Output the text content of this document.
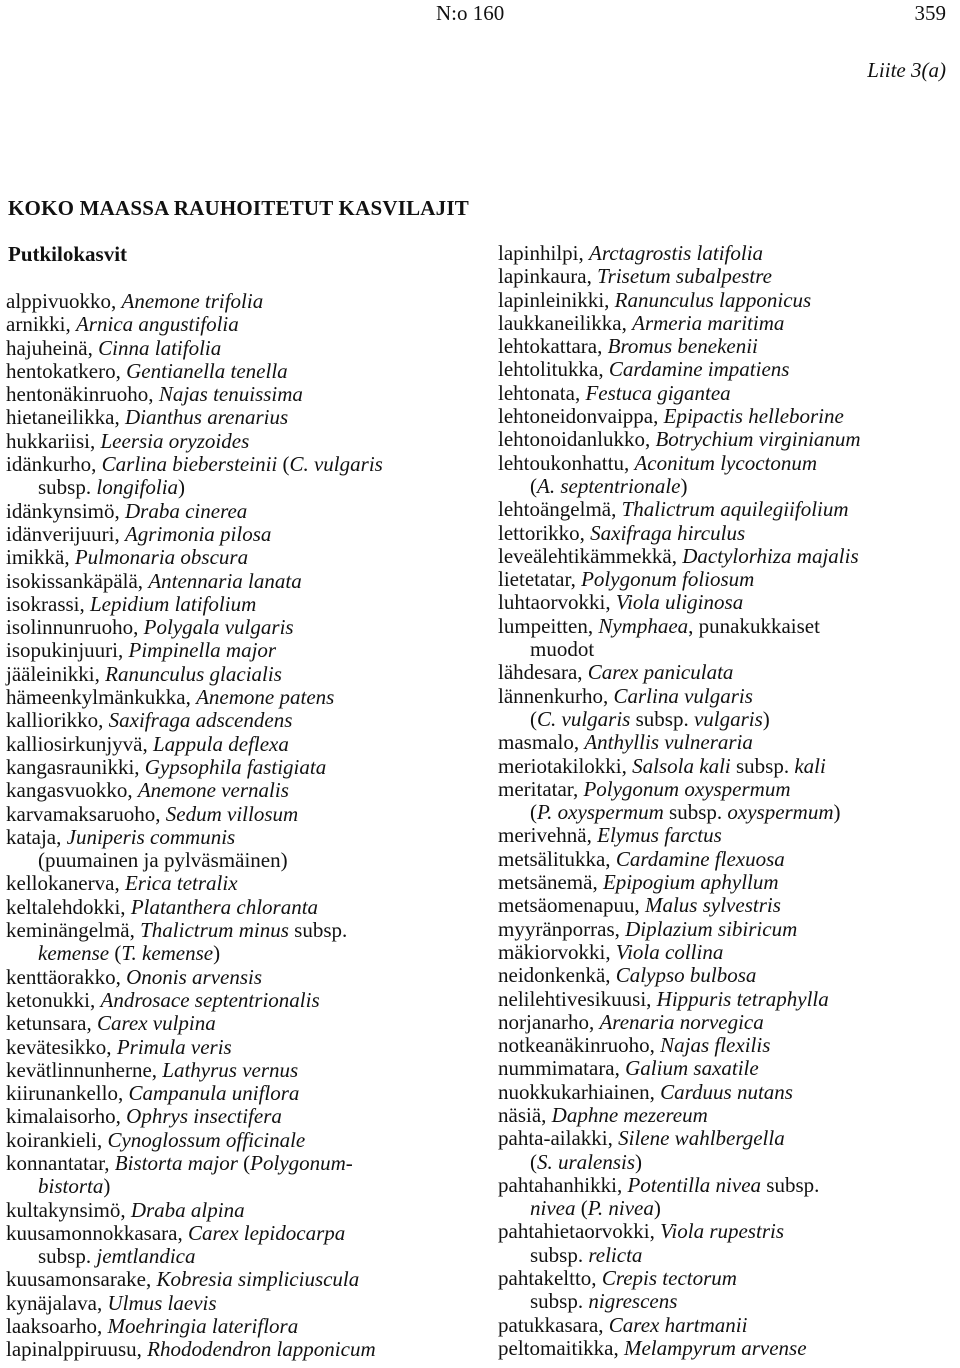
N:o 160	359
Liite 3(a)
KOKO MAASSA RAUHOITETUT KASVILAJIT
Putkilokasvit
alppivuokko, Anemone trifolia
arnikki, Arnica angustifolia
hajuheinä, Cinna latifolia
hentokatkero, Gentianella tenella
hentonäkinruoho, Najas tenuissima
hietaneilikka, Dianthus arenarius
hukkariisi, Leersia oryzoides
idänkurho, Carlina biebersteinii (C. vulgaris
subsp. longifolia)
idänkynsimö, Draba cinerea
idänverijuuri, Agrimonia pilosa
imikkä, Pulmonaria obscura
isokissankäpälä, Antennaria lanata
isokrassi, Lepidium latifolium
isolinnunruoho, Polygala vulgaris
isopukinjuuri, Pimpinella major
jääleinikki, Ranunculus glacialis
hämeenkylmänkukka, Anemone patens
kalliorikko, Saxifraga adscendens
kalliosirkunjyvä, Lappula deflexa
kangasraunikki, Gypsophila fastigiata
kangasvuokko, Anemone vernalis
karvamaksaruoho, Sedum villosum
kataja, Juniperis communis
(puumainen ja pylväsmäinen)
kellokanerva, Erica tetralix
keltalehdokki, Platanthera chloranta
keminängelmä, Thalictrum minus subsp.
kemense (T. kemense)
kenttäorakko, Ononis arvensis
ketonukki, Androsace septentrionalis
ketunsara, Carex vulpina
kevätesikko, Primula veris
kevätlinnunherne, Lathyrus vernus
kiirunankello, Campanula uniflora
kimalaisorho, Ophrys insectifera
koirankieli, Cynoglossum officinale
konnantatar, Bistorta major (Polygonum-
bistorta)
kultakynsimö, Draba alpina
kuusamonnokkasara, Carex lepidocarpa
subsp. jemtlandica
kuusamonsarake, Kobresia simpliciuscula
kynäjalava, Ulmus laevis
laaksoarho, Moehringia lateriflora
lapinalppiruusu, Rhododendron lapponicum
lapinhilpi, Arctagrostis latifolia
lapinkaura, Trisetum subalpestre
lapinleinikki, Ranunculus lapponicus
laukkaneilikka, Armeria maritima
lehtokattara, Bromus benekenii
lehtolitukka, Cardamine impatiens
lehtonata, Festuca gigantea
lehtoneidonvaippa, Epipactis helleborine
lehtonoidanlukko, Botrychium virginianum
lehtoukonhattu, Aconitum lycoctonum
(A. septentrionale)
lehtoängelmä, Thalictrum aquilegiifolium
lettorikko, Saxifraga hirculus
leveälehtikämmekkä, Dactylorhiza majalis
lietetatar, Polygonum foliosum
luhtaorvokki, Viola uliginosa
lumpeitten, Nymphaea, punakukkaiset
muodot
lähdesara, Carex paniculata
lännenkurho, Carlina vulgaris
(C. vulgaris subsp. vulgaris)
masmalo, Anthyllis vulneraria
meriotakilokki, Salsola kali subsp. kali
meritatar, Polygonum oxyspermum
(P. oxyspermum subsp. oxyspermum)
merivehnä, Elymus farctus
metsälitukka, Cardamine flexuosa
metsänemä, Epipogium aphyllum
metsäomenapuu, Malus sylvestris
myyränporras, Diplazium sibiricum
mäkiorvokki, Viola collina
neidonkenkä, Calypso bulbosa
nelilehtivesikuusi, Hippuris tetraphylla
norjanarho, Arenaria norvegica
notkeanäkinruoho, Najas flexilis
nummimatara, Galium saxatile
nuokkukarhiainen, Carduus nutans
näsiä, Daphne mezereum
pahta-ailakki, Silene wahlbergella
(S. uralensis)
pahtahanhikki, Potentilla nivea subsp.
nivea (P. nivea)
pahtahietaorvokki, Viola rupestris
subsp. relicta
pahtakeltto, Crepis tectorum
subsp. nigrescens
patukkasara, Carex hartmanii
peltomaitikka, Melampyrum arvense
